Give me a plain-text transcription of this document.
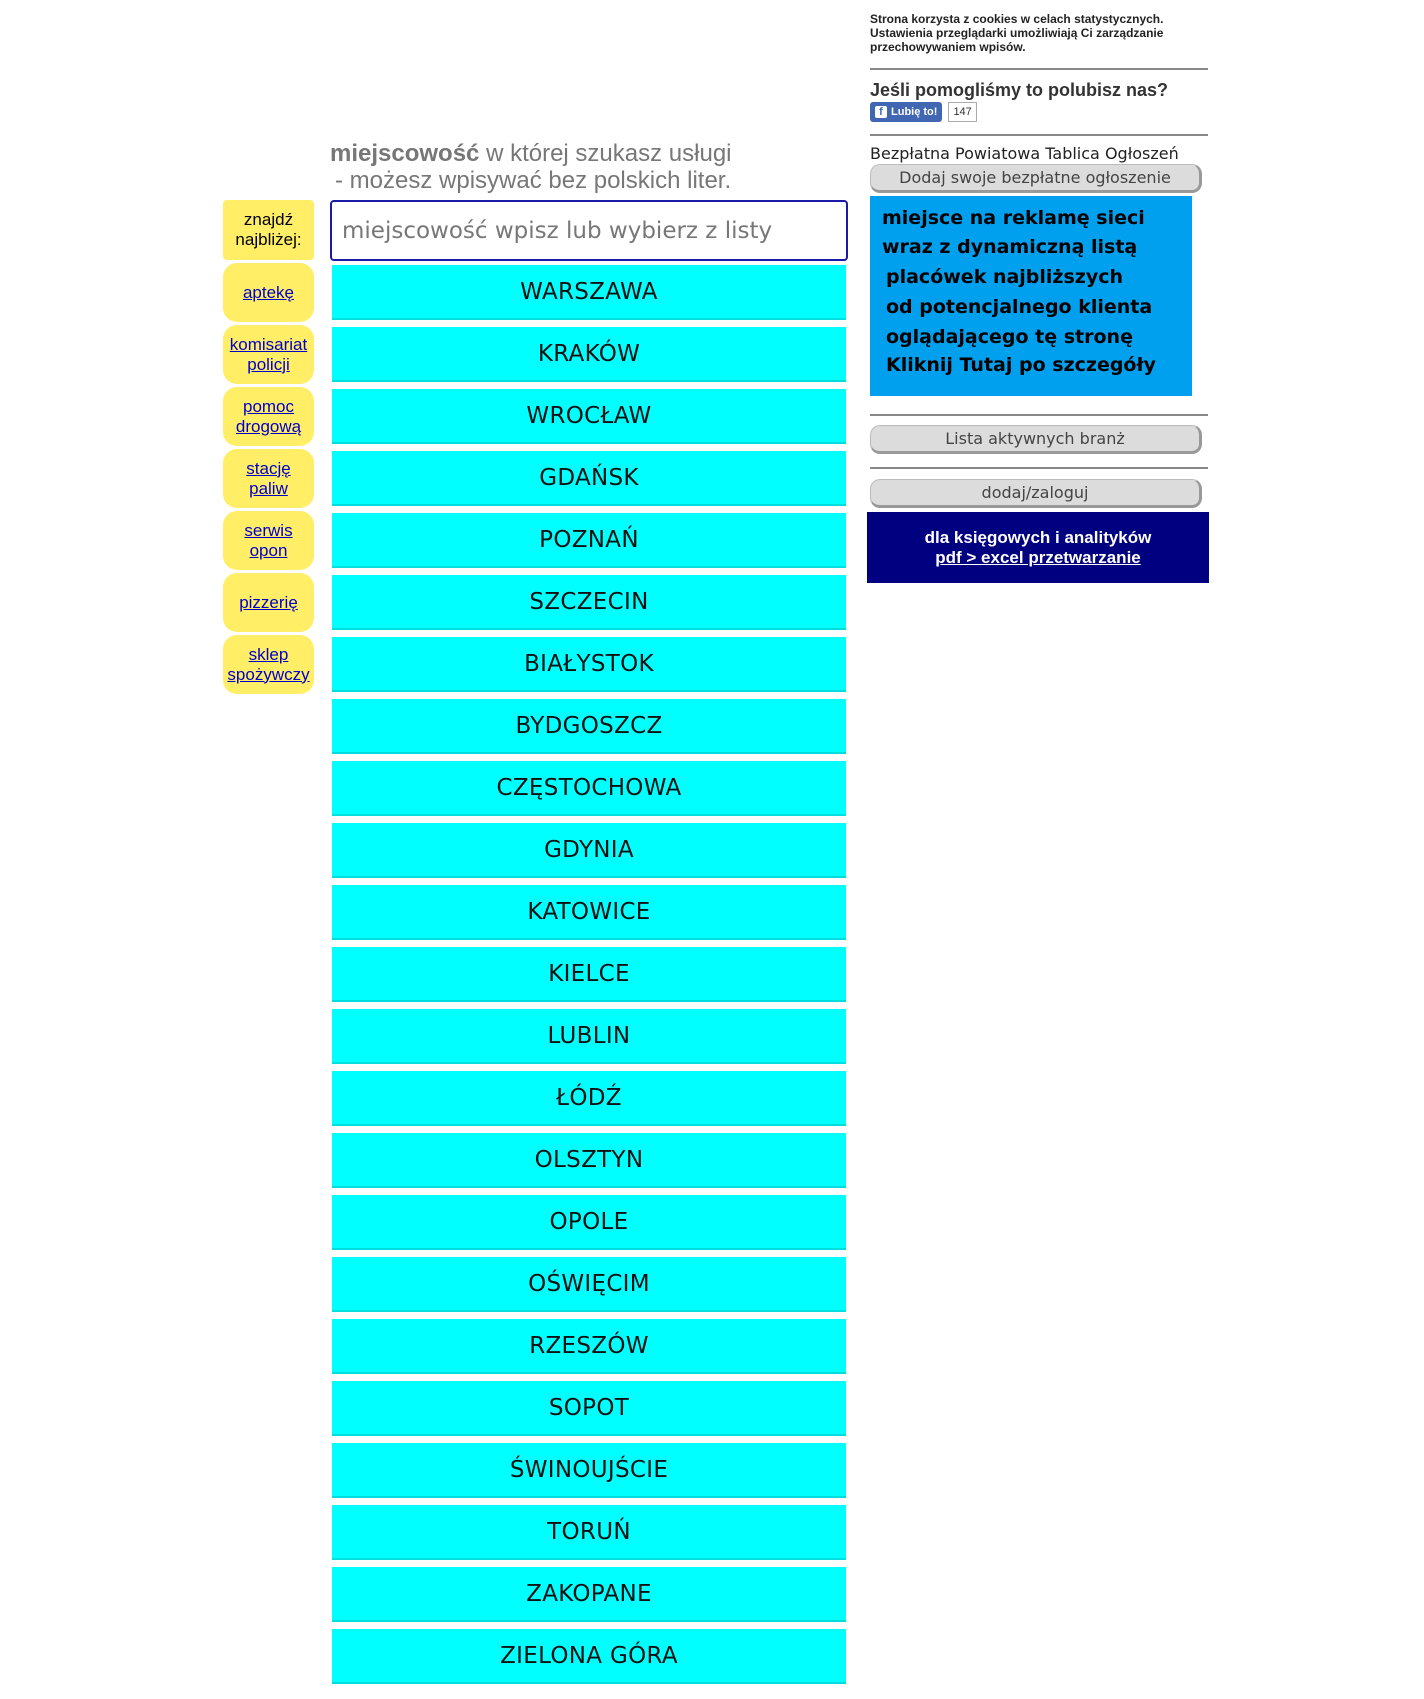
znajdź
najbliżej:
aptekę
komisariat
policji
pomoc
drogową
stację
paliw
serwis
opon
pizzerię
sklep
spożywczy

miejscowość w której szukasz usługi
- możesz wpisywać bez polskich liter.

miejscowość wpisz lub wybierz z listy
WARSZAWA
KRAKÓW
WROCŁAW
GDAŃSK
POZNAŃ
SZCZECIN
BIAŁYSTOK
BYDGOSZCZ
CZĘSTOCHOWA
GDYNIA
KATOWICE
KIELCE
LUBLIN
ŁÓDŹ
OLSZTYN
OPOLE
OŚWIĘCIM
RZESZÓW
SOPOT
ŚWINOUJŚCIE
TORUŃ
ZAKOPANE
ZIELONA GÓRA

Strona korzysta z cookies w celach statystycznych.
Ustawienia przeglądarki umożliwiają Ci zarządzanie
przechowywaniem wpisów.

Jeśli pomogliśmy to polubisz nas?

f Lubię to!	147

Bezpłatna Powiatowa Tablica Ogłoszeń

Dodaj swoje bezpłatne ogłoszenie
miejsce na reklamę sieci
wraz z dynamiczną listą
placówek najbliższych
od potencjalnego klienta
oglądającego tę stronę
Kliknij Tutaj po szczegóły
Lista aktywnych branż
dodaj/zaloguj
dla księgowych i analityków
pdf > excel przetwarzanie
